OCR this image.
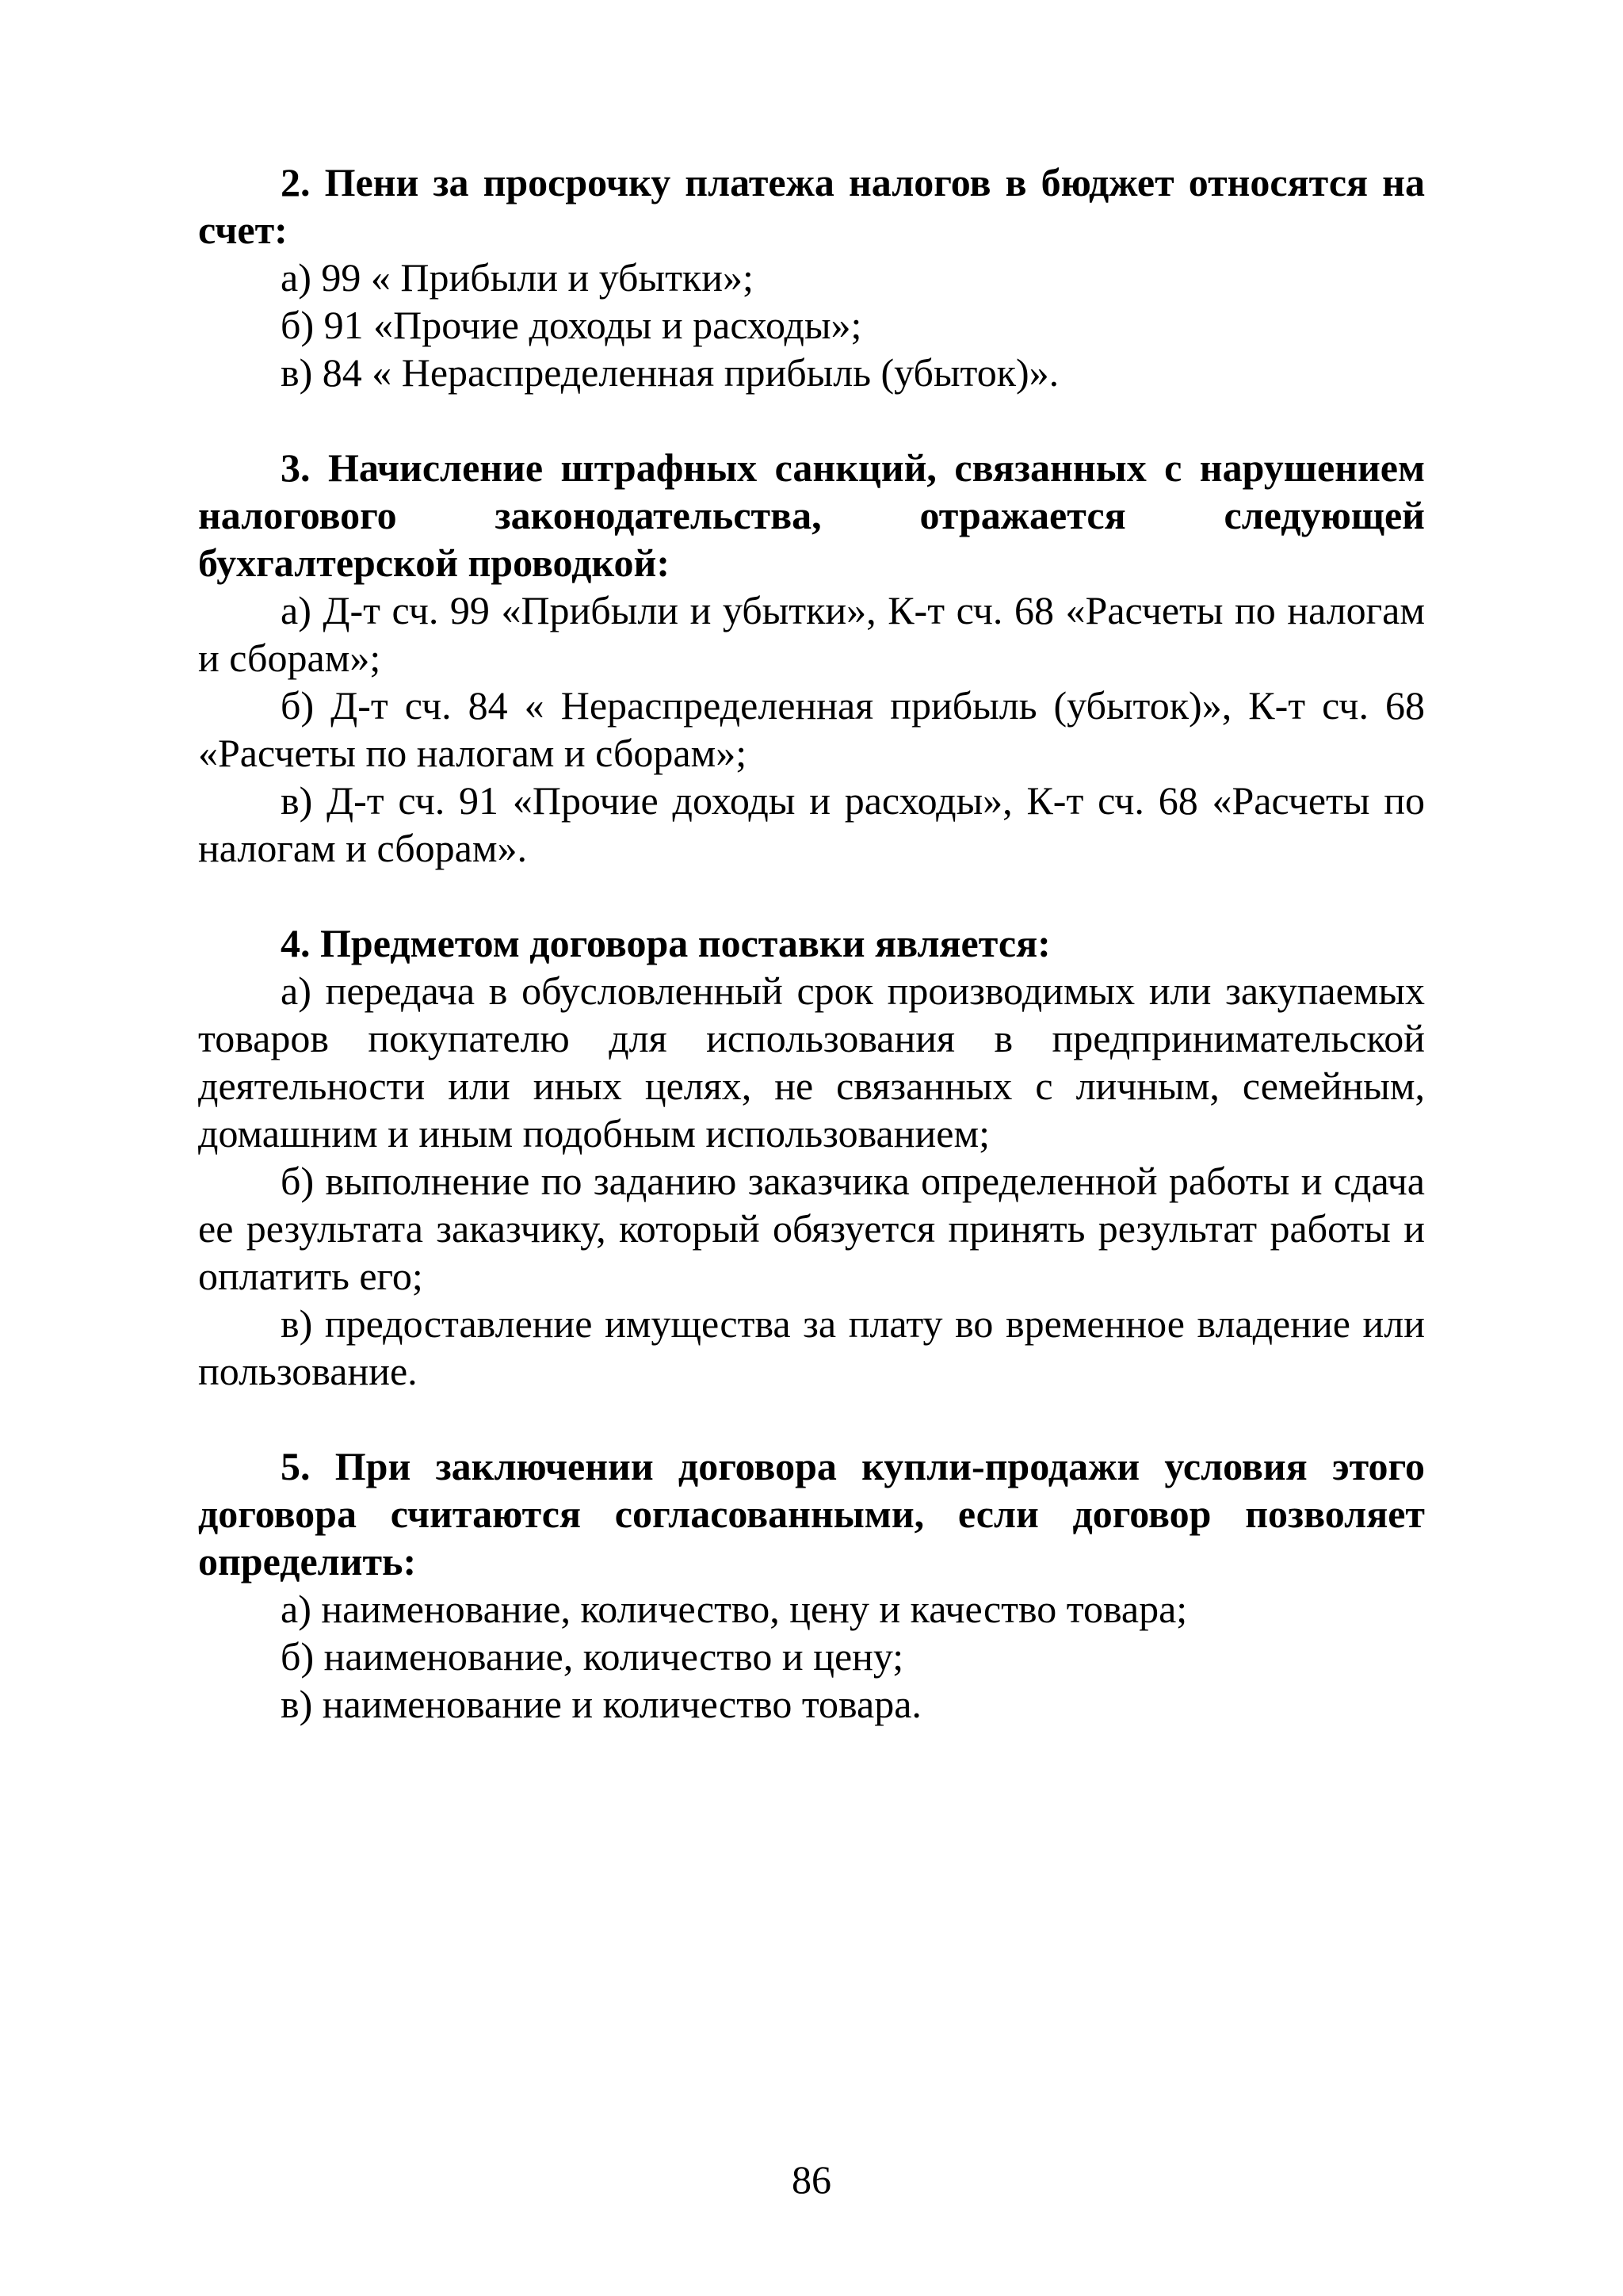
2. Пени за просрочку платежа налогов в бюджет относятся на счет:

а) 99 « Прибыли и убытки»;

б) 91 «Прочие доходы и расходы»;

в) 84 « Нераспределенная прибыль (убыток)».

3. Начисление штрафных санкций, связанных с нарушением налогового законодательства, отражается следующей бухгалтерской проводкой:

а) Д-т сч. 99 «Прибыли и убытки», К-т сч. 68 «Расчеты по налогам и сборам»;

б) Д-т сч. 84 « Нераспределенная прибыль (убыток)», К-т сч. 68 «Расчеты по налогам и сборам»;

в) Д-т сч. 91 «Прочие доходы и расходы», К-т сч. 68 «Расчеты по налогам и сборам».

4. Предметом договора поставки является:

а) передача в обусловленный срок производимых или закупаемых товаров покупателю для использования в предпринимательской деятельности или иных целях, не связанных с личным, семейным, домашним и иным подобным использованием;

б) выполнение по заданию заказчика определенной работы и сдача ее результата заказчику, который обязуется принять результат работы и оплатить его;

в) предоставление имущества за плату во временное владение или пользование.

5. При заключении договора купли-продажи условия этого договора считаются согласованными, если договор позволяет определить:

а) наименование, количество, цену и качество товара;

б) наименование, количество и цену;

в) наименование и количество товара.

86
